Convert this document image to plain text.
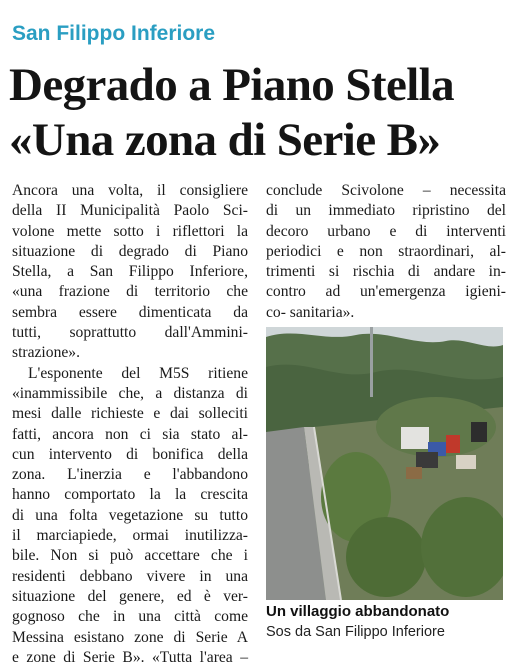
San Filippo Inferiore
Degrado a Piano Stella
«Una zona di Serie B»

Ancora una volta, il consigliere
della II Municipalità Paolo Sci-
volone mette sotto i riflettori la
situazione di degrado di Piano
Stella, a San Filippo Inferiore,
«una frazione di territorio che
sembra essere dimenticata da
tutti, soprattutto dall'Ammini-
strazione».

L'esponente del M5S ritiene
«inammissibile che, a distanza di
mesi dalle richieste e dai solleciti
fatti, ancora non ci sia stato al-
cun intervento di bonifica della
zona. L'inerzia e l'abbandono
hanno comportato la la crescita
di una folta vegetazione su tutto
il marciapiede, ormai inutilizza-
bile. Non si può accettare che i
residenti debbano vivere in una
situazione del genere, ed è ver-
gognoso che in una città come
Messina esistano zone di Serie A
e zone di Serie B». «Tutta l'area –

conclude Scivolone – necessita
di un immediato ripristino del
decoro urbano e di interventi
periodici e non straordinari, al-
trimenti si rischia di andare in-
contro ad un'emergenza igieni-
co- sanitaria».

Un villaggio abbandonato
Sos da San Filippo Inferiore
